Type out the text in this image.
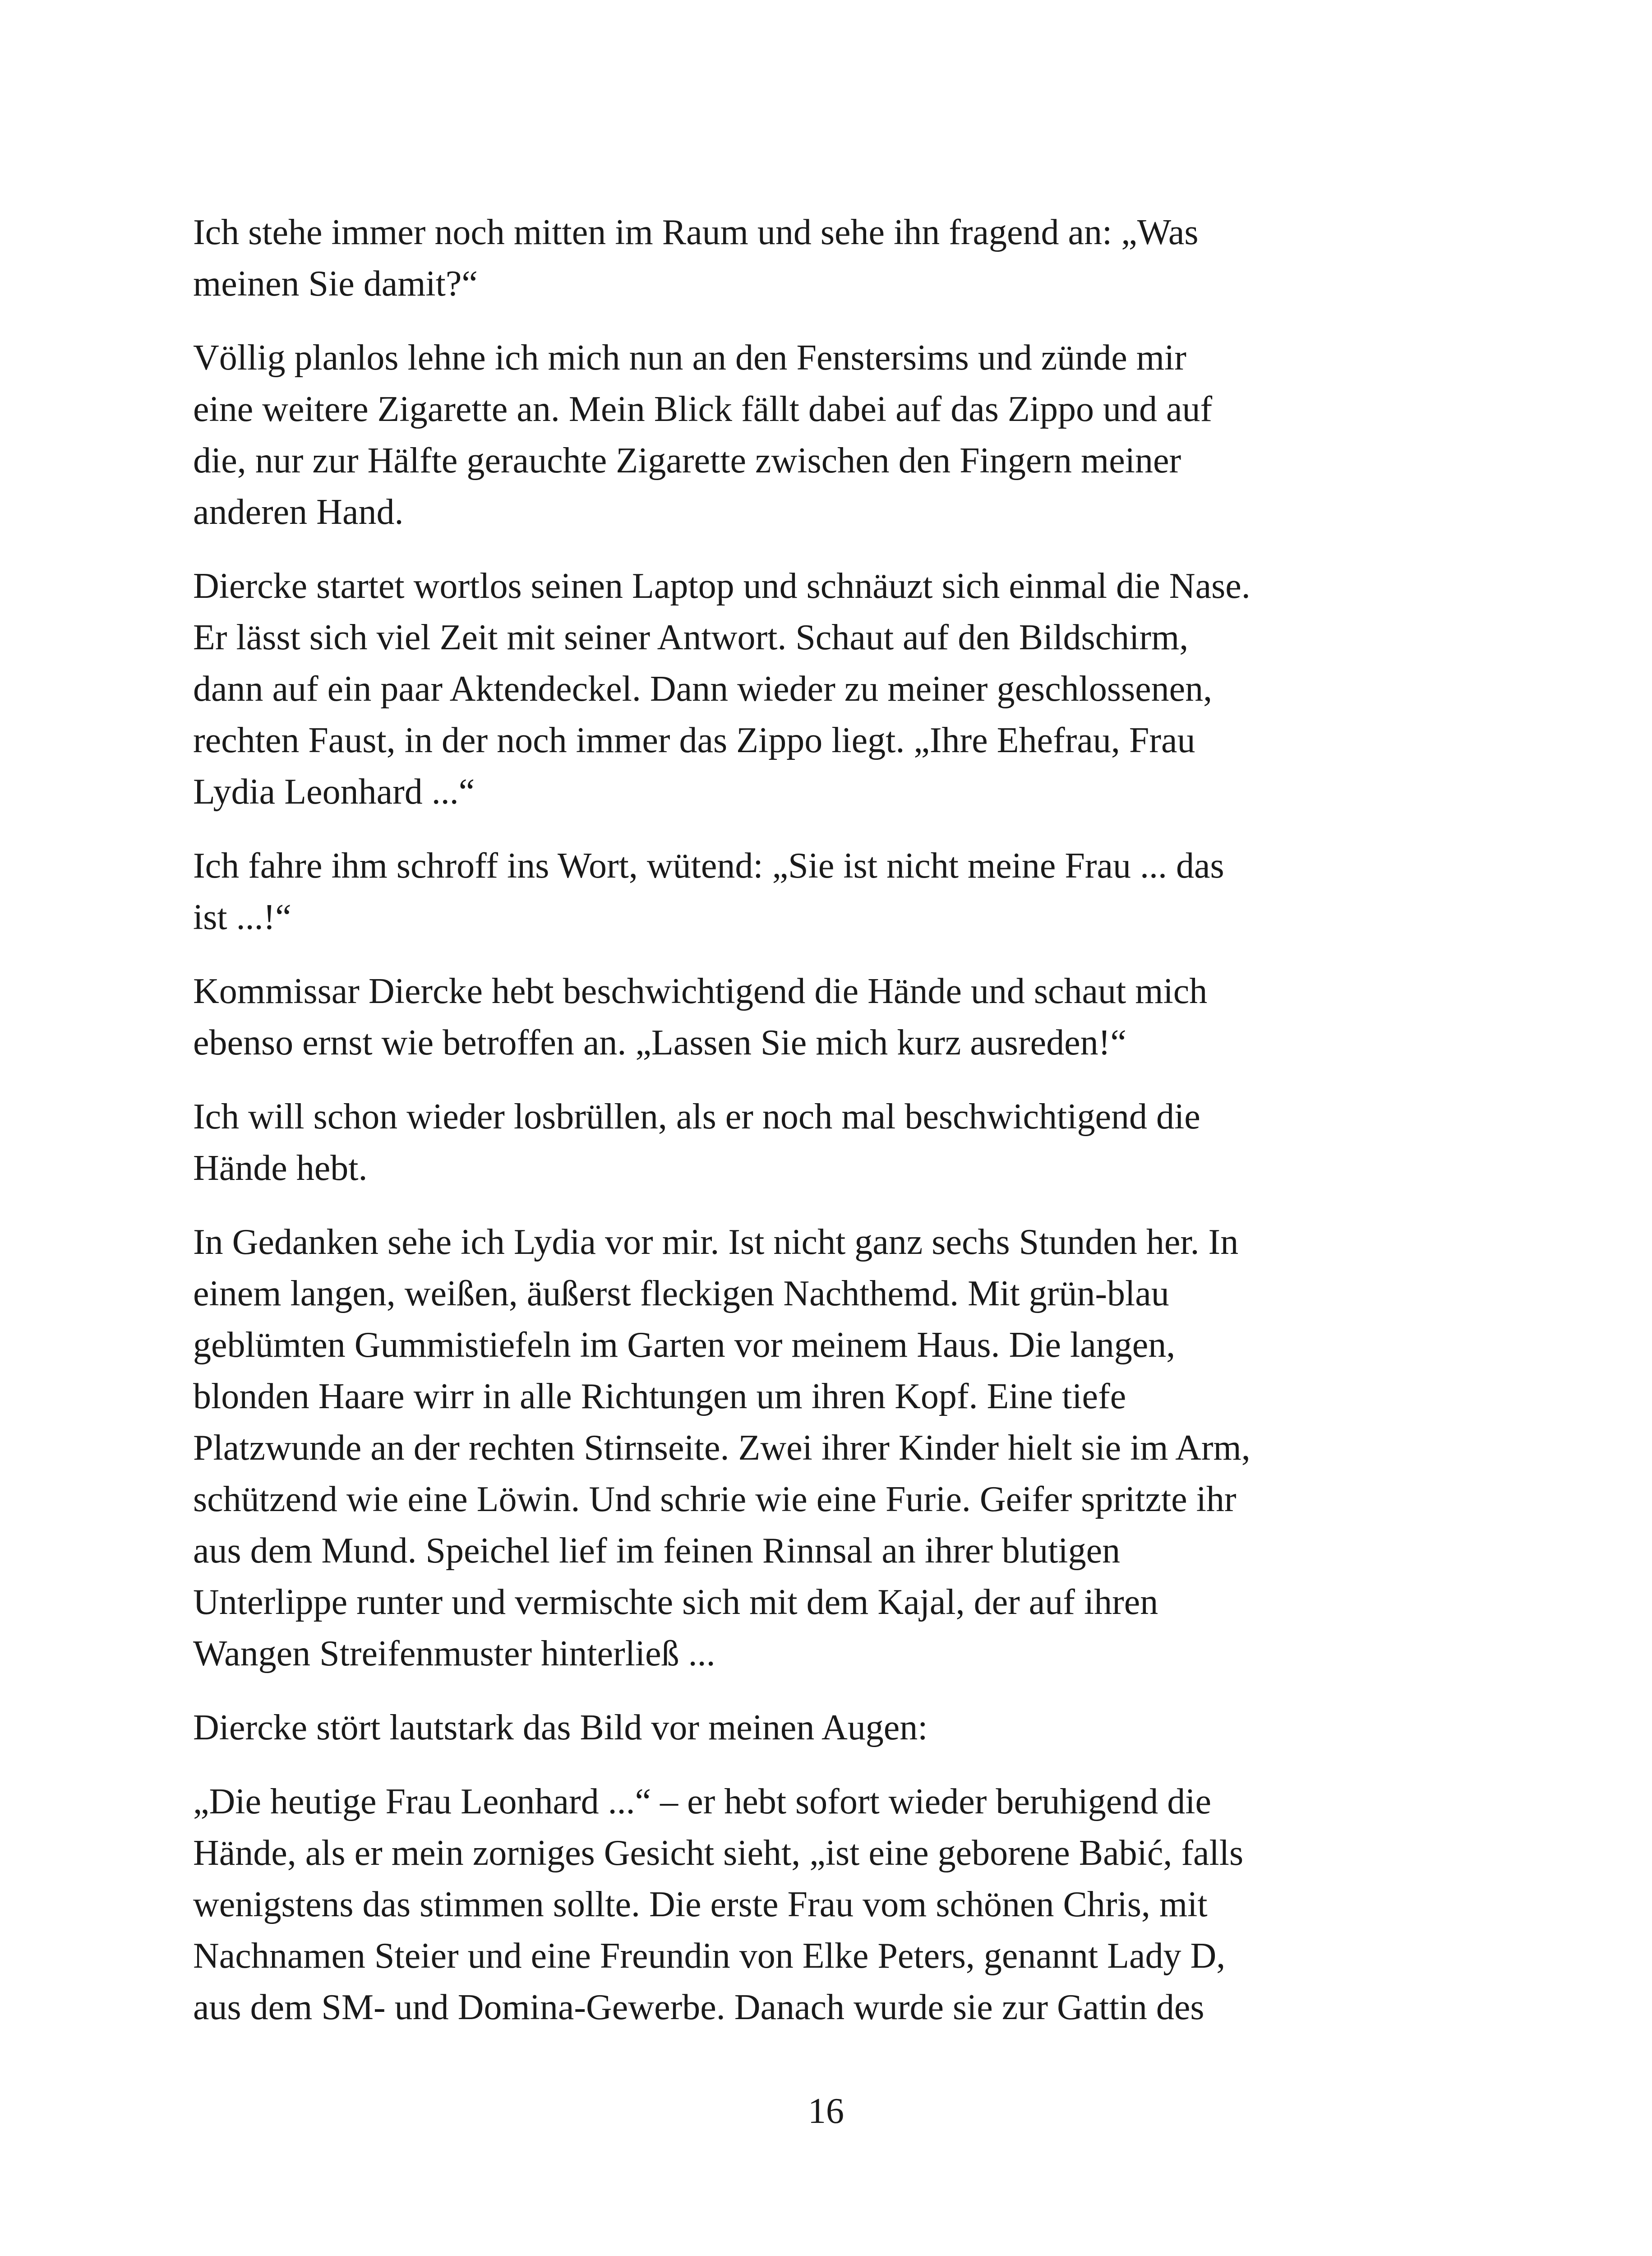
Ich stehe immer noch mitten im Raum und sehe ihn fragend an: „Was
meinen Sie damit?“

Völlig planlos lehne ich mich nun an den Fenstersims und zünde mir
eine weitere Zigarette an. Mein Blick fällt dabei auf das Zippo und auf
die, nur zur Hälfte gerauchte Zigarette zwischen den Fingern meiner
anderen Hand.

Diercke startet wortlos seinen Laptop und schnäuzt sich einmal die Nase.
Er lässt sich viel Zeit mit seiner Antwort. Schaut auf den Bildschirm,
dann auf ein paar Aktendeckel. Dann wieder zu meiner geschlossenen,
rechten Faust, in der noch immer das Zippo liegt. „Ihre Ehefrau, Frau
Lydia Leonhard ...“

Ich fahre ihm schroff ins Wort, wütend: „Sie ist nicht meine Frau ... das
ist ...!“

Kommissar Diercke hebt beschwichtigend die Hände und schaut mich
ebenso ernst wie betroffen an. „Lassen Sie mich kurz ausreden!“

Ich will schon wieder losbrüllen, als er noch mal beschwichtigend die
Hände hebt.

In Gedanken sehe ich Lydia vor mir. Ist nicht ganz sechs Stunden her. In
einem langen, weißen, äußerst fleckigen Nachthemd. Mit grün-blau
geblümten Gummistiefeln im Garten vor meinem Haus. Die langen,
blonden Haare wirr in alle Richtungen um ihren Kopf. Eine tiefe
Platzwunde an der rechten Stirnseite. Zwei ihrer Kinder hielt sie im Arm,
schützend wie eine Löwin. Und schrie wie eine Furie. Geifer spritzte ihr
aus dem Mund. Speichel lief im feinen Rinnsal an ihrer blutigen
Unterlippe runter und vermischte sich mit dem Kajal, der auf ihren
Wangen Streifenmuster hinterließ ...

Diercke stört lautstark das Bild vor meinen Augen:

„Die heutige Frau Leonhard ...“ – er hebt sofort wieder beruhigend die
Hände, als er mein zorniges Gesicht sieht, „ist eine geborene Babić, falls
wenigstens das stimmen sollte. Die erste Frau vom schönen Chris, mit
Nachnamen Steier und eine Freundin von Elke Peters, genannt Lady D,
aus dem SM- und Domina-Gewerbe. Danach wurde sie zur Gattin des

16
